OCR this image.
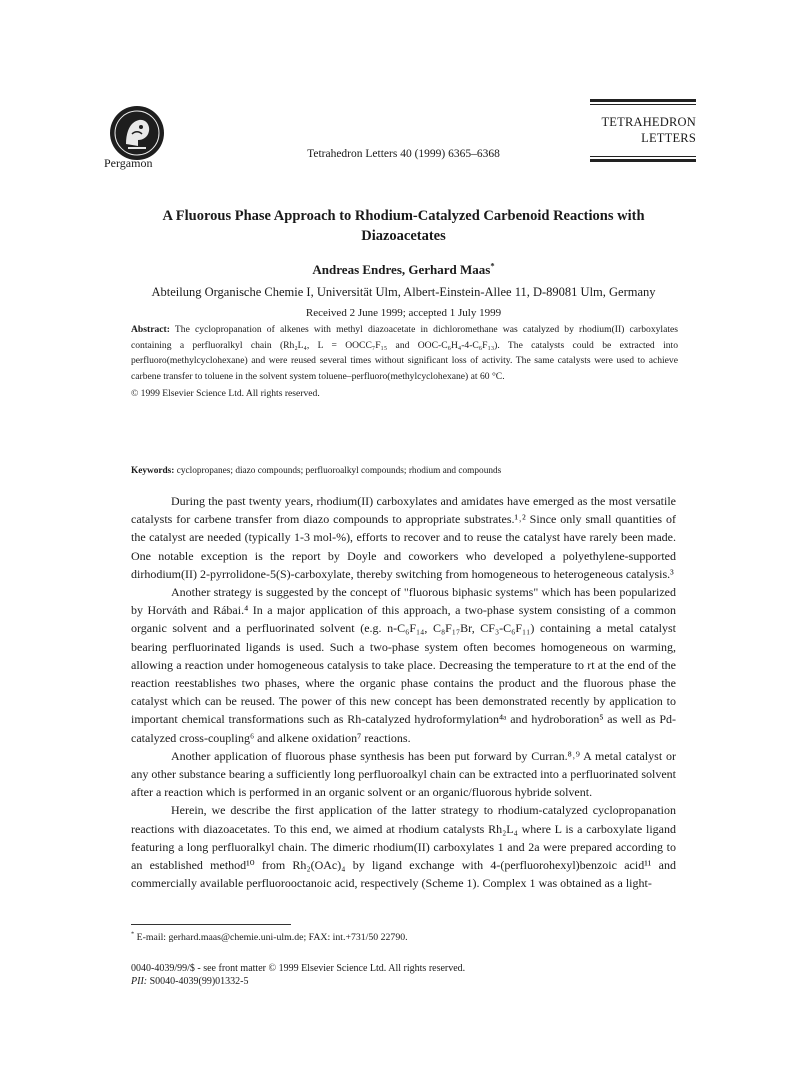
Pergamon
Tetrahedron Letters 40 (1999) 6365–6368
TETRAHEDRON
LETTERS
A Fluorous Phase Approach to Rhodium-Catalyzed Carbenoid Reactions with
Diazoacetates
Andreas Endres, Gerhard Maas*
Abteilung Organische Chemie I, Universität Ulm, Albert-Einstein-Allee 11, D-89081 Ulm, Germany
Received 2 June 1999; accepted 1 July 1999
Abstract: The cyclopropanation of alkenes with methyl diazoacetate in dichloromethane was catalyzed by rhodium(II) carboxylates containing a perfluoralkyl chain (Rh₂L₄, L = OOCC₇F₁₅ and OOC-C₆H₄-4-C₆F₁₃). The catalysts could be extracted into perfluoro(methylcyclohexane) and were reused several times without significant loss of activity. The same catalysts were used to achieve carbene transfer to toluene in the solvent system toluene–perfluoro(methylcyclohexane) at 60 °C.
© 1999 Elsevier Science Ltd. All rights reserved.
Keywords: cyclopropanes; diazo compounds; perfluoroalkyl compounds; rhodium and compounds

During the past twenty years, rhodium(II) carboxylates and amidates have emerged as the most versatile catalysts for carbene transfer from diazo compounds to appropriate substrates.¹˒² Since only small quantities of the catalyst are needed (typically 1-3 mol-%), efforts to recover and to reuse the catalyst have rarely been made. One notable exception is the report by Doyle and coworkers who developed a polyethylene-supported dirhodium(II) 2-pyrrolidone-5(S)-carboxylate, thereby switching from homogeneous to heterogeneous catalysis.³

Another strategy is suggested by the concept of "fluorous biphasic systems" which has been popularized by Horváth and Rábai.⁴ In a major application of this approach, a two-phase system consisting of a common organic solvent and a perfluorinated solvent (e.g. n-C₆F₁₄, C₈F₁₇Br, CF₃-C₆F₁₁) containing a metal catalyst bearing perfluorinated ligands is used. Such a two-phase system often becomes homogeneous on warming, allowing a reaction under homogeneous catalysis to take place. Decreasing the temperature to rt at the end of the reaction reestablishes two phases, where the organic phase contains the product and the fluorous phase the catalyst which can be reused. The power of this new concept has been demonstrated recently by application to important chemical transformations such as Rh-catalyzed hydroformylation⁴ᵃ and hydroboration⁵ as well as Pd-catalyzed cross-coupling⁶ and alkene oxidation⁷ reactions.

Another application of fluorous phase synthesis has been put forward by Curran.⁸˒⁹ A metal catalyst or any other substance bearing a sufficiently long perfluoroalkyl chain can be extracted into a perfluorinated solvent after a reaction which is performed in an organic solvent or an organic/fluorous hybride solvent.

Herein, we describe the first application of the latter strategy to rhodium-catalyzed cyclopropanation reactions with diazoacetates. To this end, we aimed at rhodium catalysts Rh₂L₄ where L is a carboxylate ligand featuring a long perfluoralkyl chain. The dimeric rhodium(II) carboxylates 1 and 2a were prepared according to an established method¹⁰ from Rh₂(OAc)₄ by ligand exchange with 4-(perfluorohexyl)benzoic acid¹¹ and commercially available perfluorooctanoic acid, respectively (Scheme 1). Complex 1 was obtained as a light-

* E-mail: gerhard.maas@chemie.uni-ulm.de; FAX: int.+731/50 22790.
0040-4039/99/$ - see front matter © 1999 Elsevier Science Ltd. All rights reserved.
PII: S0040-4039(99)01332-5
